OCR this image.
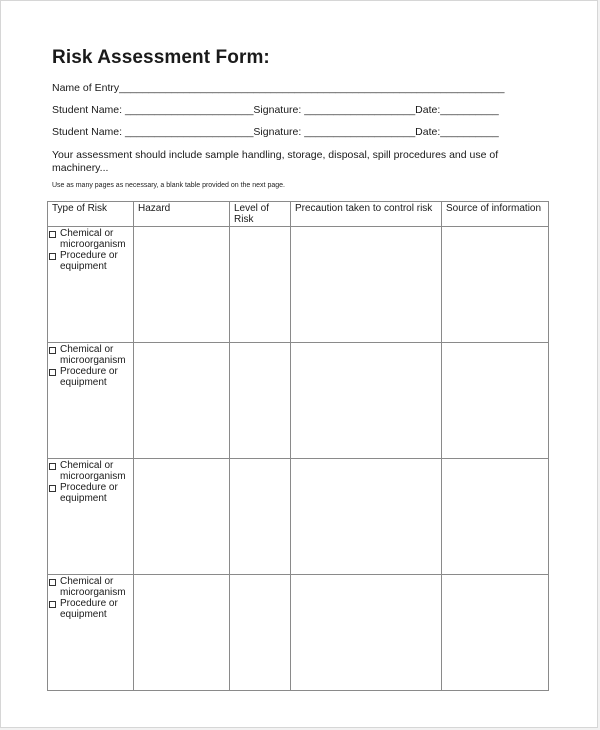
Risk Assessment Form:
Name of Entry__________________________________________________________________
Student Name: ______________________Signature: ___________________Date:__________
Student Name: ______________________Signature: ___________________Date:__________
Your assessment should include sample handling, storage, disposal, spill procedures and use of machinery...
Use as many pages as necessary, a blank table provided on the next page.
Type of Risk	Hazard	Level of Risk	Precaution taken to control risk	Source of information

Chemical or microorganism
Procedure or equipment				

Chemical or microorganism
Procedure or equipment				

Chemical or microorganism
Procedure or equipment				

Chemical or microorganism
Procedure or equipment				
